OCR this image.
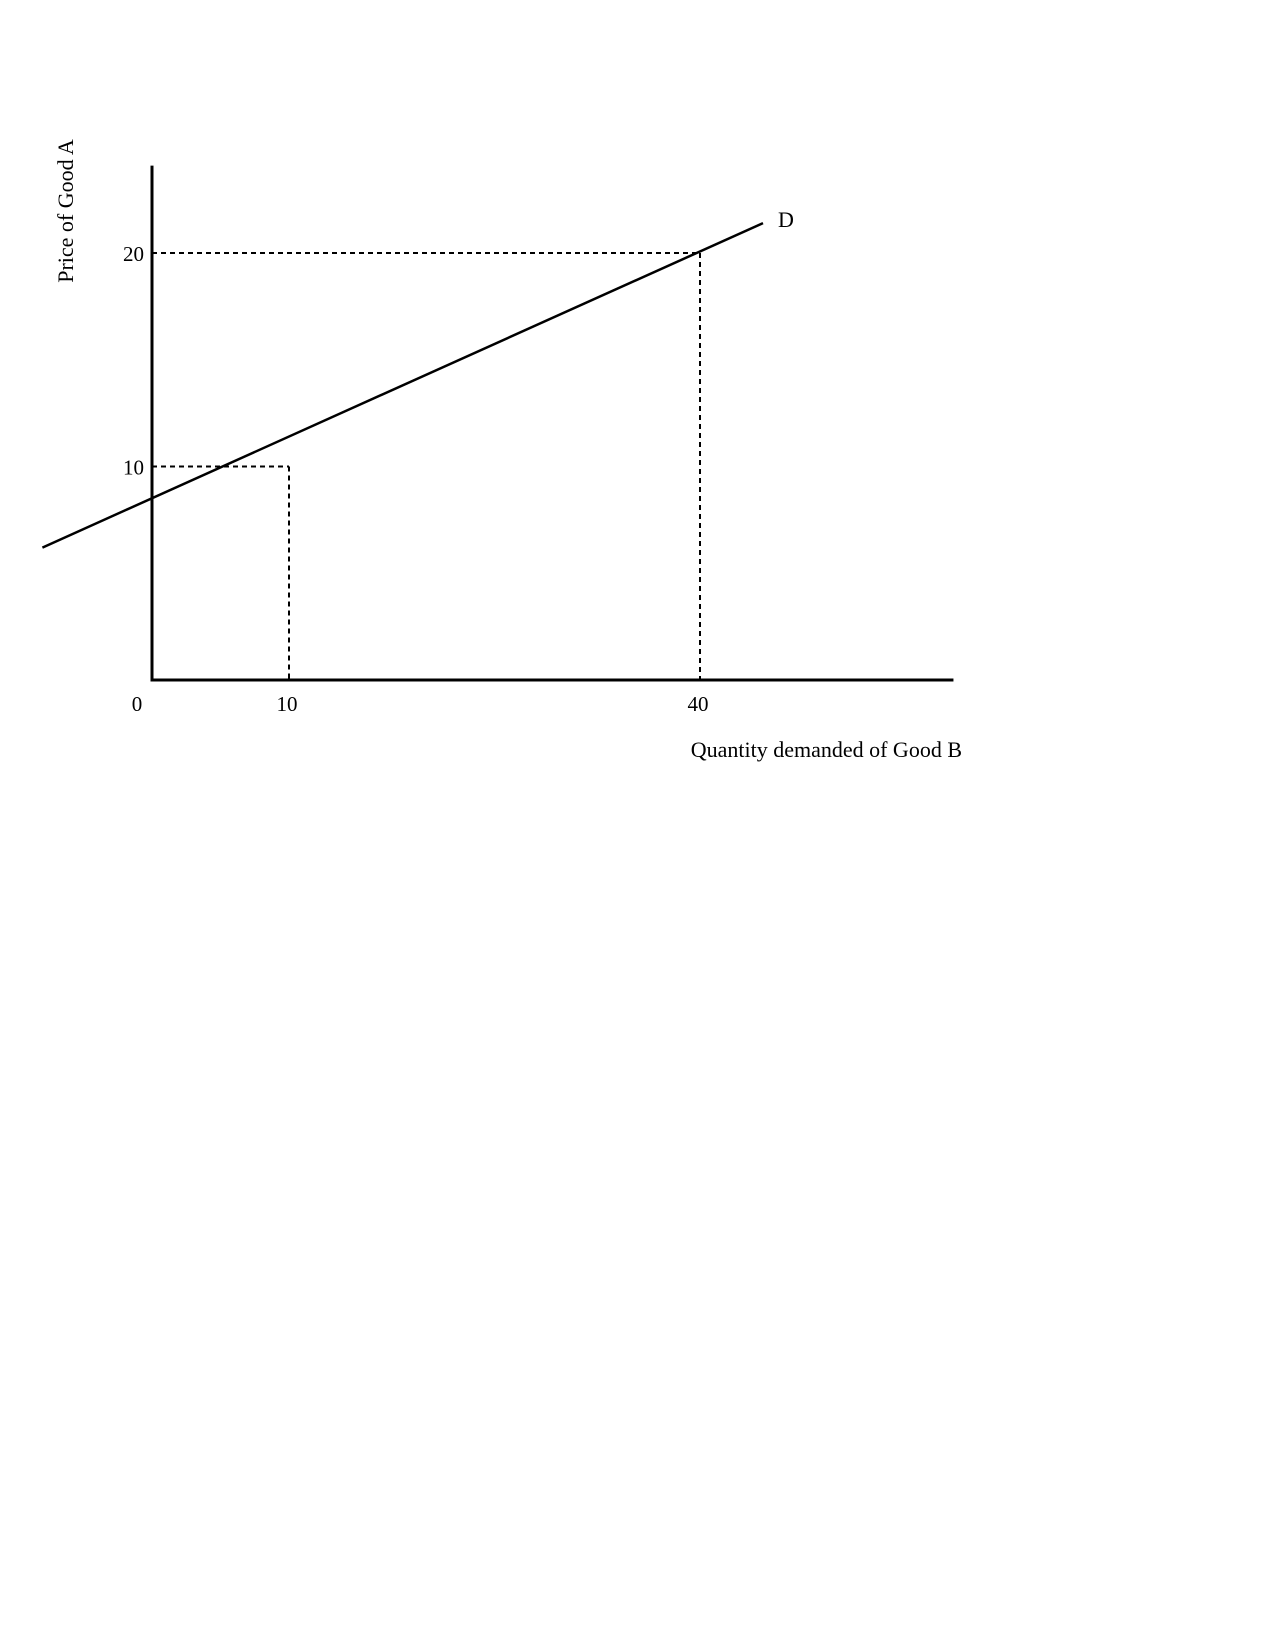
D
10	40
10
20
0
Quantity demanded of Good B
Price of Good A
